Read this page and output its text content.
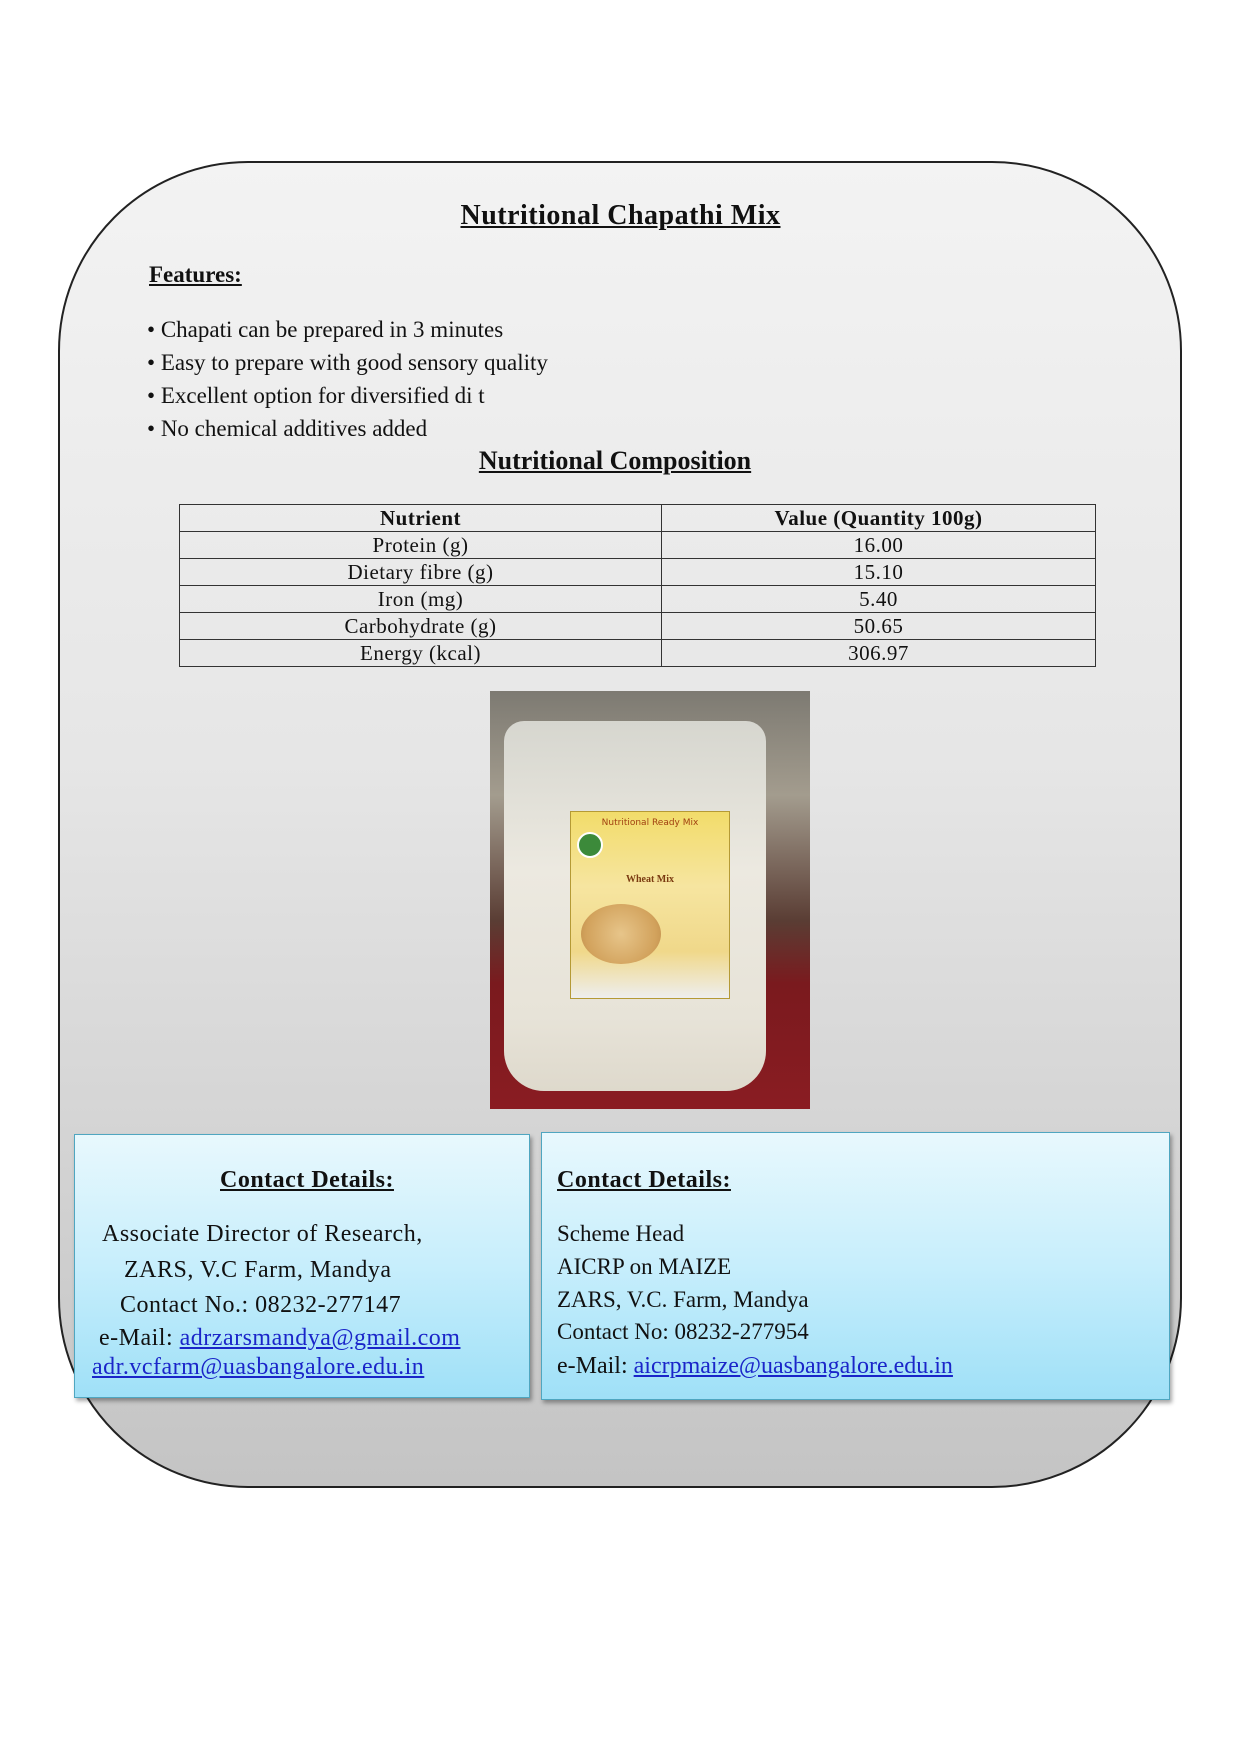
Nutritional Chapathi Mix
Features:
• Chapati can be prepared in 3 minutes
• Easy to prepare with good sensory quality
• Excellent option for diversified di t
• No chemical additives added
Nutritional Composition
Nutrient	Value (Quantity 100g)
Protein (g)	16.00
Dietary fibre (g)	15.10
Iron (mg)	5.40
Carbohydrate (g)	50.65
Energy (kcal)	306.97
Nutritional Ready Mix
Wheat Mix
Contact Details:
Associate Director of Research,
ZARS, V.C Farm, Mandya
Contact No.: 08232-277147
e-Mail: adrzarsmandya@gmail.com
adr.vcfarm@uasbangalore.edu.in
Contact Details:
Scheme Head
AICRP on MAIZE
ZARS, V.C. Farm, Mandya
Contact No: 08232-277954
e-Mail: aicrpmaize@uasbangalore.edu.in
